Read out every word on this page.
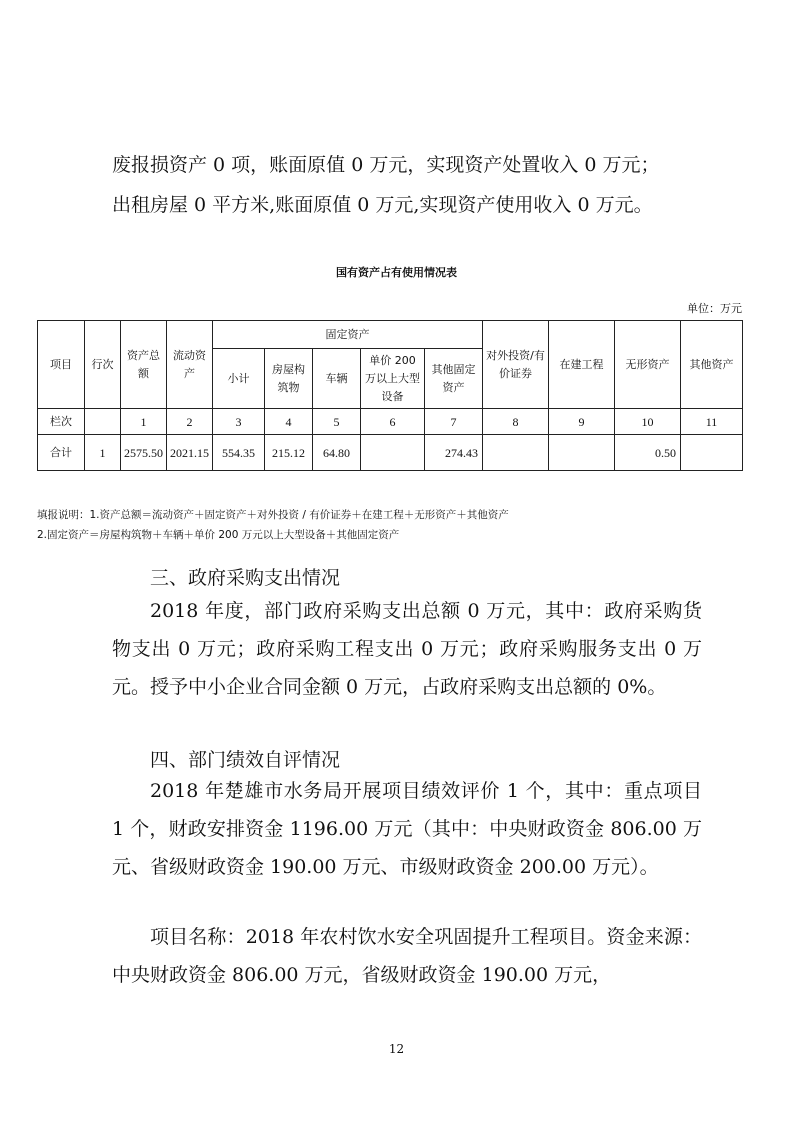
废报损资产 0 项，账面原值 0 万元，实现资产处置收入 0 万元；

出租房屋 0 平方米,账面原值 0 万元,实现资产使用收入 0 万元。

国有资产占有使用情况表
单位：万元
项目	行次	资产总额	流动资产	固定资产					对外投资/有价证券	在建工程	无形资产	其他资产
				小计	房屋构筑物	车辆	单价 200 万以上大型设备	其他固定资产				
栏次		1	2	3	4	5	6	7	8	9	10	11
合计	1	2575.50	2021.15	554.35	215.12	64.80		274.43			0.50	
填报说明：1.资产总额＝流动资产＋固定资产＋对外投资 / 有价证券＋在建工程＋无形资产＋其他资产
2.固定资产＝房屋构筑物＋车辆＋单价 200 万元以上大型设备＋其他固定资产

三、政府采购支出情况

2018 年度，部门政府采购支出总额 0 万元，其中：政府采购货物支出 0 万元；政府采购工程支出 0 万元；政府采购服务支出 0 万元。授予中小企业合同金额 0 万元，占政府采购支出总额的 0%。

四、部门绩效自评情况

2018 年楚雄市水务局开展项目绩效评价 1 个，其中：重点项目 1 个，财政安排资金 1196.00 万元（其中：中央财政资金 806.00 万元、省级财政资金 190.00 万元、市级财政资金 200.00 万元）。

项目名称：2018 年农村饮水安全巩固提升工程项目。资金来源：中央财政资金 806.00 万元，省级财政资金 190.00 万元，

12
